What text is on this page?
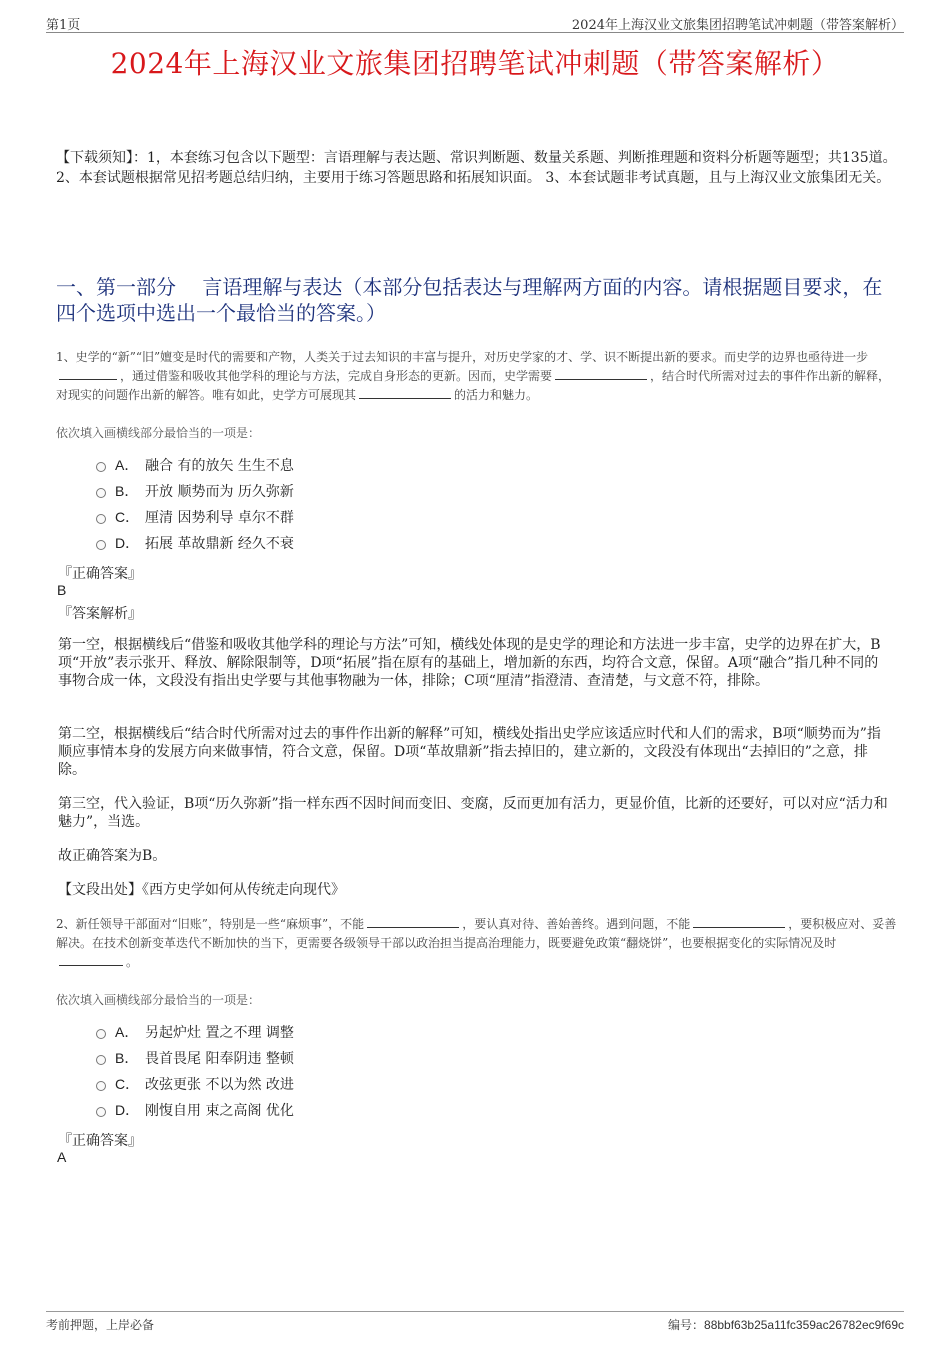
第1页	2024年上海汉业文旅集团招聘笔试冲刺题（带答案解析）
2024年上海汉业文旅集团招聘笔试冲刺题（带答案解析）
【下载须知】：1，本套练习包含以下题型：言语理解与表达题、常识判断题、数量关系题、判断推理题和资料分析题等题型；共135道。 2、本套试题根据常见招考题总结归纳，主要用于练习答题思路和拓展知识面。 3、本套试题非考试真题，且与上海汉业文旅集团无关。
一、第一部分　 言语理解与表达（本部分包括表达与理解两方面的内容。请根据题目要求，在四个选项中选出一个最恰当的答案。）
1、史学的“新”“旧”嬗变是时代的需要和产物，人类关于过去知识的丰富与提升，对历史学家的才、学、识不断提出新的要求。而史学的边界也亟待进一步，通过借鉴和吸收其他学科的理论与方法，完成自身形态的更新。因而，史学需要	，结合时代所需对过去的事件作出新的解释，对现实的问题作出新的解答。唯有如此，史学方可展现其	的活力和魅力。
依次填入画横线部分最恰当的一项是：
A． 融合 有的放矢 生生不息
B． 开放 顺势而为 历久弥新
C． 厘清 因势利导 卓尔不群
D． 拓展 革故鼎新 经久不衰
『正确答案』
B
『答案解析』
第一空，根据横线后“借鉴和吸收其他学科的理论与方法”可知，横线处体现的是史学的理论和方法进一步丰富，史学的边界在扩大，B项“开放”表示张开、释放、解除限制等，D项“拓展”指在原有的基础上，增加新的东西，均符合文意，保留。A项“融合”指几种不同的事物合成一体，文段没有指出史学要与其他事物融为一体，排除；C项“厘清”指澄清、查清楚，与文意不符，排除。
第二空，根据横线后“结合时代所需对过去的事件作出新的解释”可知，横线处指出史学应该适应时代和人们的需求，B项“顺势而为”指顺应事情本身的发展方向来做事情，符合文意，保留。D项“革故鼎新”指去掉旧的，建立新的，文段没有体现出“去掉旧的”之意，排除。
第三空，代入验证，B项“历久弥新”指一样东西不因时间而变旧、变腐，反而更加有活力，更显价值，比新的还要好，可以对应“活力和魅力”，当选。
故正确答案为B。
【文段出处】《西方史学如何从传统走向现代》
2、新任领导干部面对“旧账”，特别是一些“麻烦事”，不能	，要认真对待、善始善终。遇到问题，不能	，要积极应对、妥善解决。在技术创新变革迭代不断加快的当下，更需要各级领导干部以政治担当提高治理能力，既要避免政策“翻烧饼”，也要根据变化的实际情况及时。
依次填入画横线部分最恰当的一项是：
A． 另起炉灶 置之不理 调整
B． 畏首畏尾 阳奉阴违 整顿
C． 改弦更张 不以为然 改进
D． 刚愎自用 束之高阁 优化
『正确答案』
A
考前押题，上岸必备	编号：88bbf63b25a11fc359ac26782ec9f69c
